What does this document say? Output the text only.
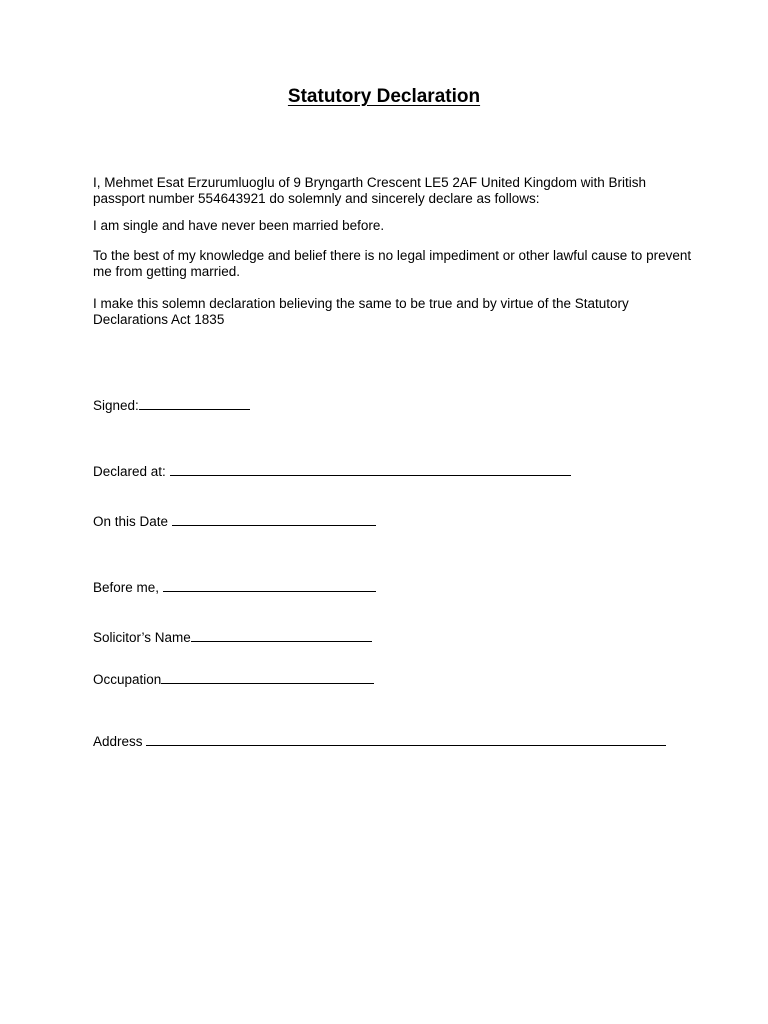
Statutory Declaration

I, Mehmet Esat Erzurumluoglu of 9 Bryngarth Crescent LE5 2AF United Kingdom with British passport number 554643921 do solemnly and sincerely declare as follows:

I am single and have never been married before.

To the best of my knowledge and belief there is no legal impediment or other lawful cause to prevent me from getting married.

I make this solemn declaration believing the same to be true and by virtue of the Statutory Declarations Act 1835

Signed:
Declared at:
On this Date
Before me,
Solicitor’s Name
Occupation
Address
